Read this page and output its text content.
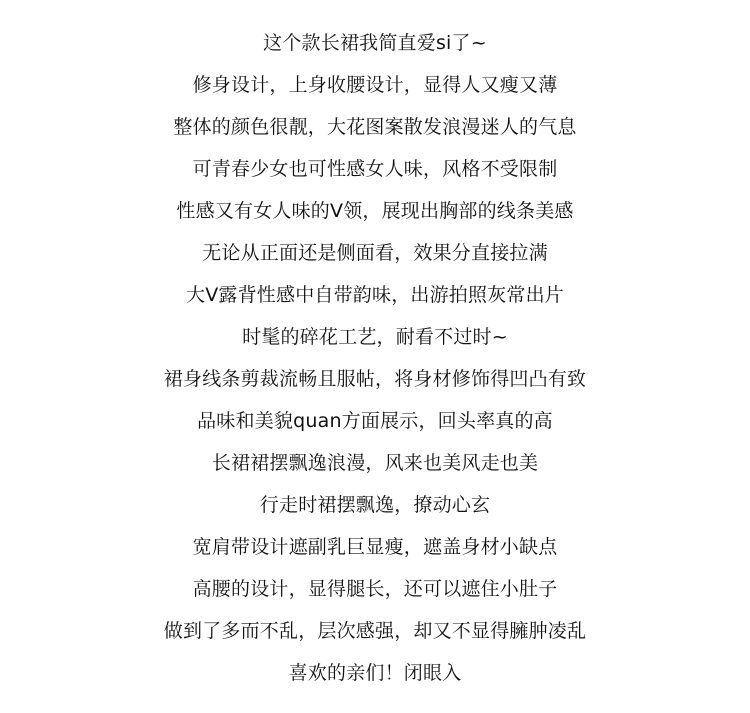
这个款长裙我简直爱si了~
修身设计，上身收腰设计，显得人又瘦又薄
整体的颜色很靓，大花图案散发浪漫迷人的气息
可青春少女也可性感女人味，风格不受限制
性感又有女人味的V领，展现出胸部的线条美感
无论从正面还是侧面看，效果分直接拉满
大V露背性感中自带韵味，出游拍照灰常出片
时髦的碎花工艺，耐看不过时~
裙身线条剪裁流畅且服帖，将身材修饰得凹凸有致
品味和美貌quan方面展示，回头率真的高
长裙裙摆飘逸浪漫，风来也美风走也美
行走时裙摆飘逸，撩动心玄
宽肩带设计遮副乳巨显瘦，遮盖身材小缺点
高腰的设计，显得腿长，还可以遮住小肚子
做到了多而不乱，层次感强，却又不显得臃肿凌乱
喜欢的亲们！闭眼入
